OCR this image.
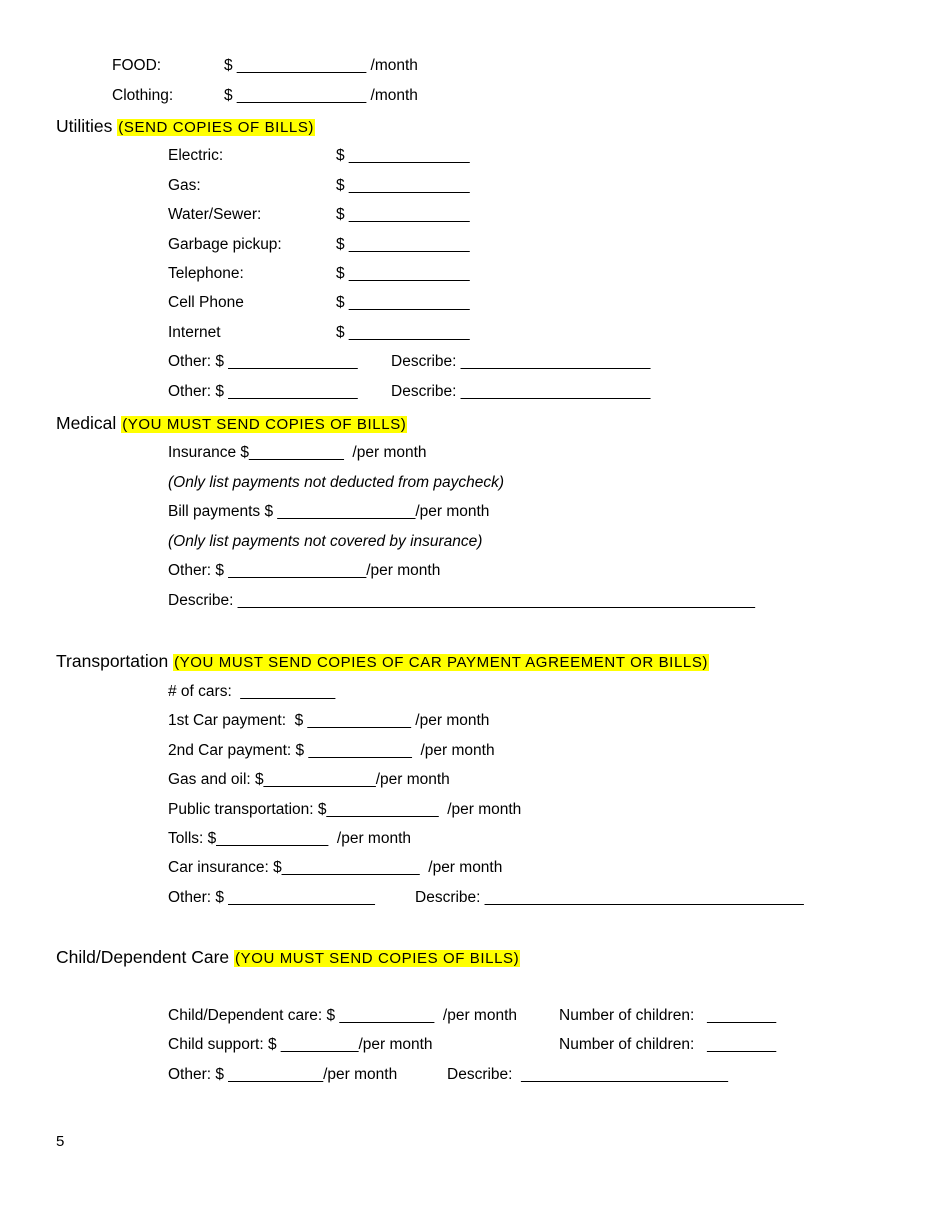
FOOD:	$ _______________ /month
Clothing:	$ _______________ /month
Utilities (SEND COPIES OF BILLS)
Electric:	$ ______________
Gas:	$ ______________
Water/Sewer:	$ ______________
Garbage pickup:	$ ______________
Telephone:	$ ______________
Cell Phone	$ ______________
Internet	$ ______________
Other: $ _______________ Describe: ______________________
Other: $ _______________ Describe: ______________________
Medical (YOU MUST SEND COPIES OF BILLS)
Insurance $___________  /per month
(Only list payments not deducted from paycheck)
Bill payments $ ________________/per month
(Only list payments not covered by insurance)
Other: $ ________________/per month
Describe: ____________________________________________________________
Transportation (YOU MUST SEND COPIES OF CAR PAYMENT AGREEMENT OR BILLS)
# of cars:  ___________
1st Car payment:  $ ____________ /per month
2nd Car payment: $ ____________  /per month
Gas and oil: $_____________/per month
Public transportation: $_____________  /per month
Tolls: $_____________  /per month
Car insurance: $________________  /per month
Other: $ _________________	Describe: _____________________________________
Child/Dependent Care (YOU MUST SEND COPIES OF BILLS)
Child/Dependent care: $ ___________  /per month	Number of children:   ________
Child support: $ _________/per month	Number of children:   ________
Other: $ ___________/per month	Describe:  ________________________
5
